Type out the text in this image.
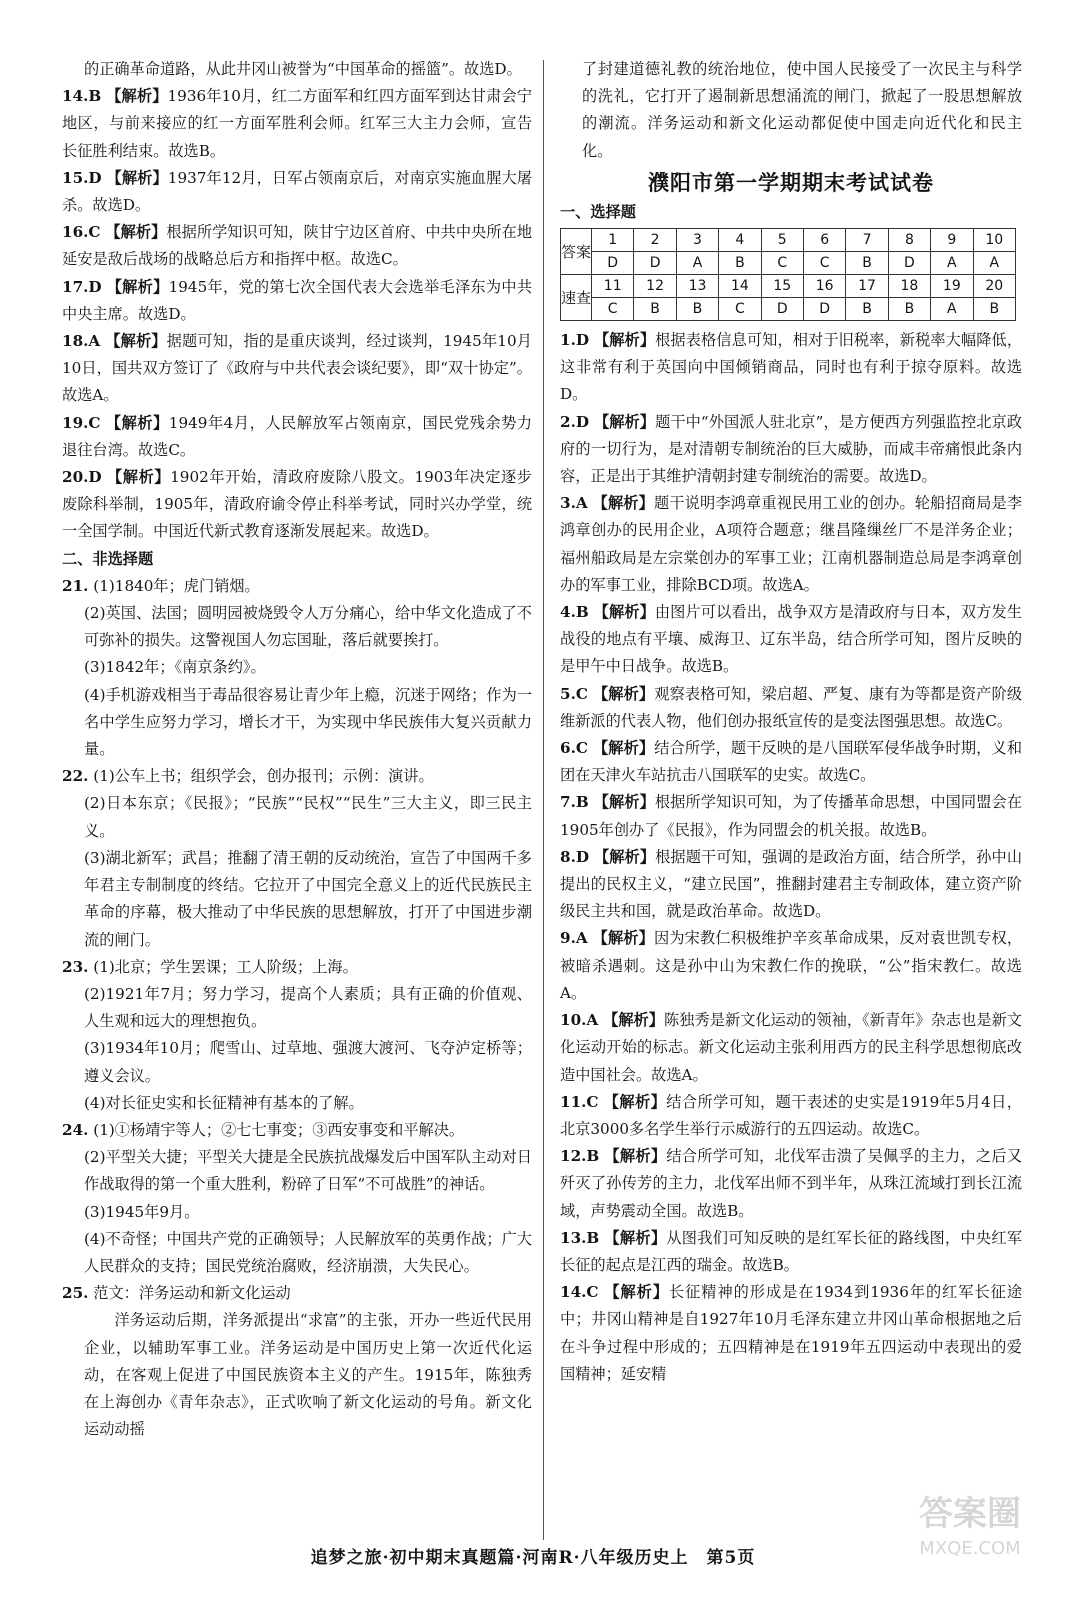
的正确革命道路，从此井冈山被誉为“中国革命的摇篮”。故选D。

14.B 【解析】1936年10月，红二方面军和红四方面军到达甘肃会宁地区，与前来接应的红一方面军胜利会师。红军三大主力会师，宣告长征胜利结束。故选B。

15.D 【解析】1937年12月，日军占领南京后，对南京实施血腥大屠杀。故选D。

16.C 【解析】根据所学知识可知，陕甘宁边区首府、中共中央所在地延安是敌后战场的战略总后方和指挥中枢。故选C。

17.D 【解析】1945年，党的第七次全国代表大会选举毛泽东为中共中央主席。故选D。

18.A 【解析】据题可知，指的是重庆谈判，经过谈判，1945年10月10日，国共双方签订了《政府与中共代表会谈纪要》，即“双十协定”。故选A。

19.C 【解析】1949年4月，人民解放军占领南京，国民党残余势力退往台湾。故选C。

20.D 【解析】1902年开始，清政府废除八股文。1903年决定逐步废除科举制，1905年，清政府谕令停止科举考试，同时兴办学堂，统一全国学制。中国近代新式教育逐渐发展起来。故选D。

二、非选择题

21. (1)1840年；虎门销烟。

(2)英国、法国；圆明园被烧毁令人万分痛心，给中华文化造成了不可弥补的损失。这警视国人勿忘国耻，落后就要挨打。

(3)1842年；《南京条约》。

(4)手机游戏相当于毒品很容易让青少年上瘾，沉迷于网络；作为一名中学生应努力学习，增长才干，为实现中华民族伟大复兴贡献力量。

22. (1)公车上书；组织学会，创办报刊；示例：演讲。

(2)日本东京；《民报》；“民族”“民权”“民生”三大主义，即三民主义。

(3)湖北新军；武昌；推翻了清王朝的反动统治，宣告了中国两千多年君主专制制度的终结。它拉开了中国完全意义上的近代民族民主革命的序幕，极大推动了中华民族的思想解放，打开了中国进步潮流的闸门。

23. (1)北京；学生罢课；工人阶级；上海。

(2)1921年7月；努力学习，提高个人素质；具有正确的价值观、人生观和远大的理想抱负。

(3)1934年10月；爬雪山、过草地、强渡大渡河、飞夺泸定桥等；遵义会议。

(4)对长征史实和长征精神有基本的了解。

24. (1)①杨靖宇等人；②七七事变；③西安事变和平解决。

(2)平型关大捷；平型关大捷是全民族抗战爆发后中国军队主动对日作战取得的第一个重大胜利，粉碎了日军“不可战胜”的神话。

(3)1945年9月。

(4)不奇怪；中国共产党的正确领导；人民解放军的英勇作战；广大人民群众的支持；国民党统治腐败，经济崩溃，大失民心。

25. 范文：洋务运动和新文化运动

洋务运动后期，洋务派提出“求富”的主张，开办一些近代民用企业，以辅助军事工业。洋务运动是中国历史上第一次近代化运动，在客观上促进了中国民族资本主义的产生。1915年，陈独秀在上海创办《青年杂志》，正式吹响了新文化运动的号角。新文化运动动摇

了封建道德礼教的统治地位，使中国人民接受了一次民主与科学的洗礼，它打开了遏制新思想涌流的闸门，掀起了一股思想解放的潮流。洋务运动和新文化运动都促使中国走向近代化和民主化。

濮阳市第一学期期末考试试卷
一、选择题
答案	1	2	3	4	5	6	7	8	9	10
	D	D	A	B	C	C	B	D	A	A
速查	11	12	13	14	15	16	17	18	19	20
	C	B	B	C	D	D	B	B	A	B

1.D 【解析】根据表格信息可知，相对于旧税率，新税率大幅降低，这非常有利于英国向中国倾销商品，同时也有利于掠夺原料。故选D。

2.D 【解析】题干中“外国派人驻北京”，是方便西方列强监控北京政府的一切行为，是对清朝专制统治的巨大威胁，而咸丰帝痛恨此条内容，正是出于其维护清朝封建专制统治的需要。故选D。

3.A 【解析】题干说明李鸿章重视民用工业的创办。轮船招商局是李鸿章创办的民用企业，A项符合题意；继昌隆缫丝厂不是洋务企业；福州船政局是左宗棠创办的军事工业；江南机器制造总局是李鸿章创办的军事工业，排除BCD项。故选A。

4.B 【解析】由图片可以看出，战争双方是清政府与日本，双方发生战役的地点有平壤、威海卫、辽东半岛，结合所学可知，图片反映的是甲午中日战争。故选B。

5.C 【解析】观察表格可知，梁启超、严复、康有为等都是资产阶级维新派的代表人物，他们创办报纸宣传的是变法图强思想。故选C。

6.C 【解析】结合所学，题干反映的是八国联军侵华战争时期，义和团在天津火车站抗击八国联军的史实。故选C。

7.B 【解析】根据所学知识可知，为了传播革命思想，中国同盟会在1905年创办了《民报》，作为同盟会的机关报。故选B。

8.D 【解析】根据题干可知，强调的是政治方面，结合所学，孙中山提出的民权主义，“建立民国”，推翻封建君主专制政体，建立资产阶级民主共和国，就是政治革命。故选D。

9.A 【解析】因为宋教仁积极维护辛亥革命成果，反对袁世凯专权，被暗杀遇刺。这是孙中山为宋教仁作的挽联，“公”指宋教仁。故选A。

10.A 【解析】陈独秀是新文化运动的领袖，《新青年》杂志也是新文化运动开始的标志。新文化运动主张利用西方的民主科学思想彻底改造中国社会。故选A。

11.C 【解析】结合所学可知，题干表述的史实是1919年5月4日，北京3000多名学生举行示威游行的五四运动。故选C。

12.B 【解析】结合所学可知，北伐军击溃了吴佩孚的主力，之后又歼灭了孙传芳的主力，北伐军出师不到半年，从珠江流域打到长江流域，声势震动全国。故选B。

13.B 【解析】从图我们可知反映的是红军长征的路线图，中央红军长征的起点是江西的瑞金。故选B。

14.C 【解析】长征精神的形成是在1934到1936年的红军长征途中；井冈山精神是自1927年10月毛泽东建立井冈山革命根据地之后在斗争过程中形成的；五四精神是在1919年五四运动中表现出的爱国精神；延安精

追梦之旅·初中期末真题篇·河南R·八年级历史上　第5页
答案圈
MXQE.COM
